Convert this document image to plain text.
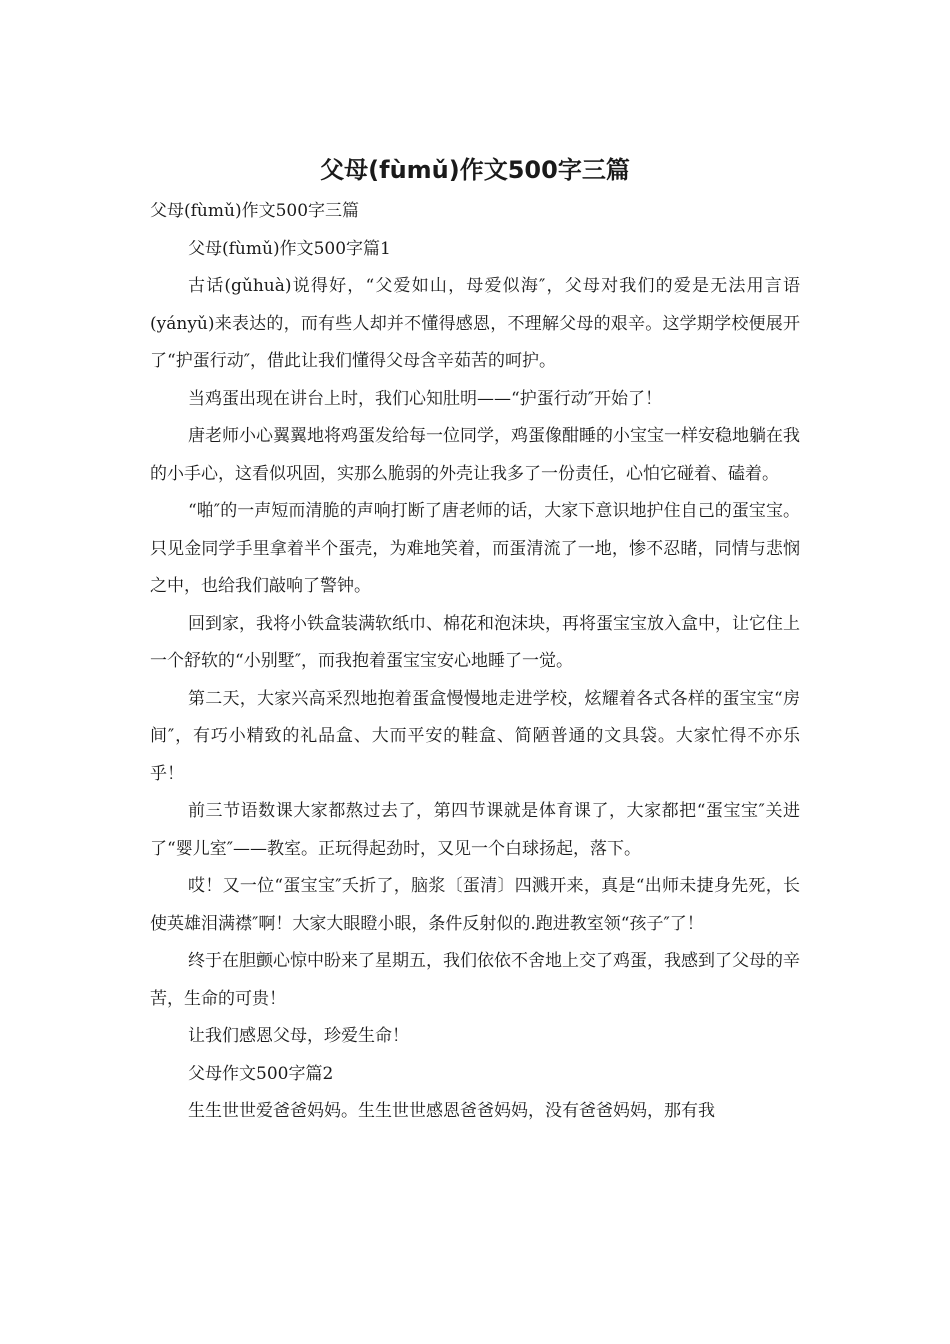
父母(fùmǔ)作文500字三篇

父母(fùmǔ)作文500字三篇

父母(fùmǔ)作文500字篇1

古话(gǔhuà)说得好，“父爱如山，母爱似海″，父母对我们的爱是无法用言语(yányǔ)来表达的，而有些人却并不懂得感恩，不理解父母的艰辛。这学期学校便展开了“护蛋行动″，借此让我们懂得父母含辛茹苦的呵护。

当鸡蛋出现在讲台上时，我们心知肚明——“护蛋行动″开始了！

唐老师小心翼翼地将鸡蛋发给每一位同学，鸡蛋像酣睡的小宝宝一样安稳地躺在我的小手心，这看似巩固，实那么脆弱的外壳让我多了一份责任，心怕它碰着、磕着。

“啪″的一声短而清脆的声响打断了唐老师的话，大家下意识地护住自己的蛋宝宝。只见金同学手里拿着半个蛋壳，为难地笑着，而蛋清流了一地，惨不忍睹，同情与悲悯之中，也给我们敲响了警钟。

回到家，我将小铁盒装满软纸巾、棉花和泡沫块，再将蛋宝宝放入盒中，让它住上一个舒软的“小别墅″，而我抱着蛋宝宝安心地睡了一觉。

第二天，大家兴高采烈地抱着蛋盒慢慢地走进学校，炫耀着各式各样的蛋宝宝“房间″，有巧小精致的礼品盒、大而平安的鞋盒、简陋普通的文具袋。大家忙得不亦乐乎！

前三节语数课大家都熬过去了，第四节课就是体育课了，大家都把“蛋宝宝″关进了“婴儿室″——教室。正玩得起劲时，又见一个白球扬起，落下。

哎！又一位“蛋宝宝″夭折了，脑浆〔蛋清〕四溅开来，真是“出师未捷身先死，长使英雄泪满襟″啊！大家大眼瞪小眼，条件反射似的.跑进教室领“孩子″了！

终于在胆颤心惊中盼来了星期五，我们依依不舍地上交了鸡蛋，我感到了父母的辛苦，生命的可贵！

让我们感恩父母，珍爱生命！

父母作文500字篇2

生生世世爱爸爸妈妈。生生世世感恩爸爸妈妈，没有爸爸妈妈，那有我
